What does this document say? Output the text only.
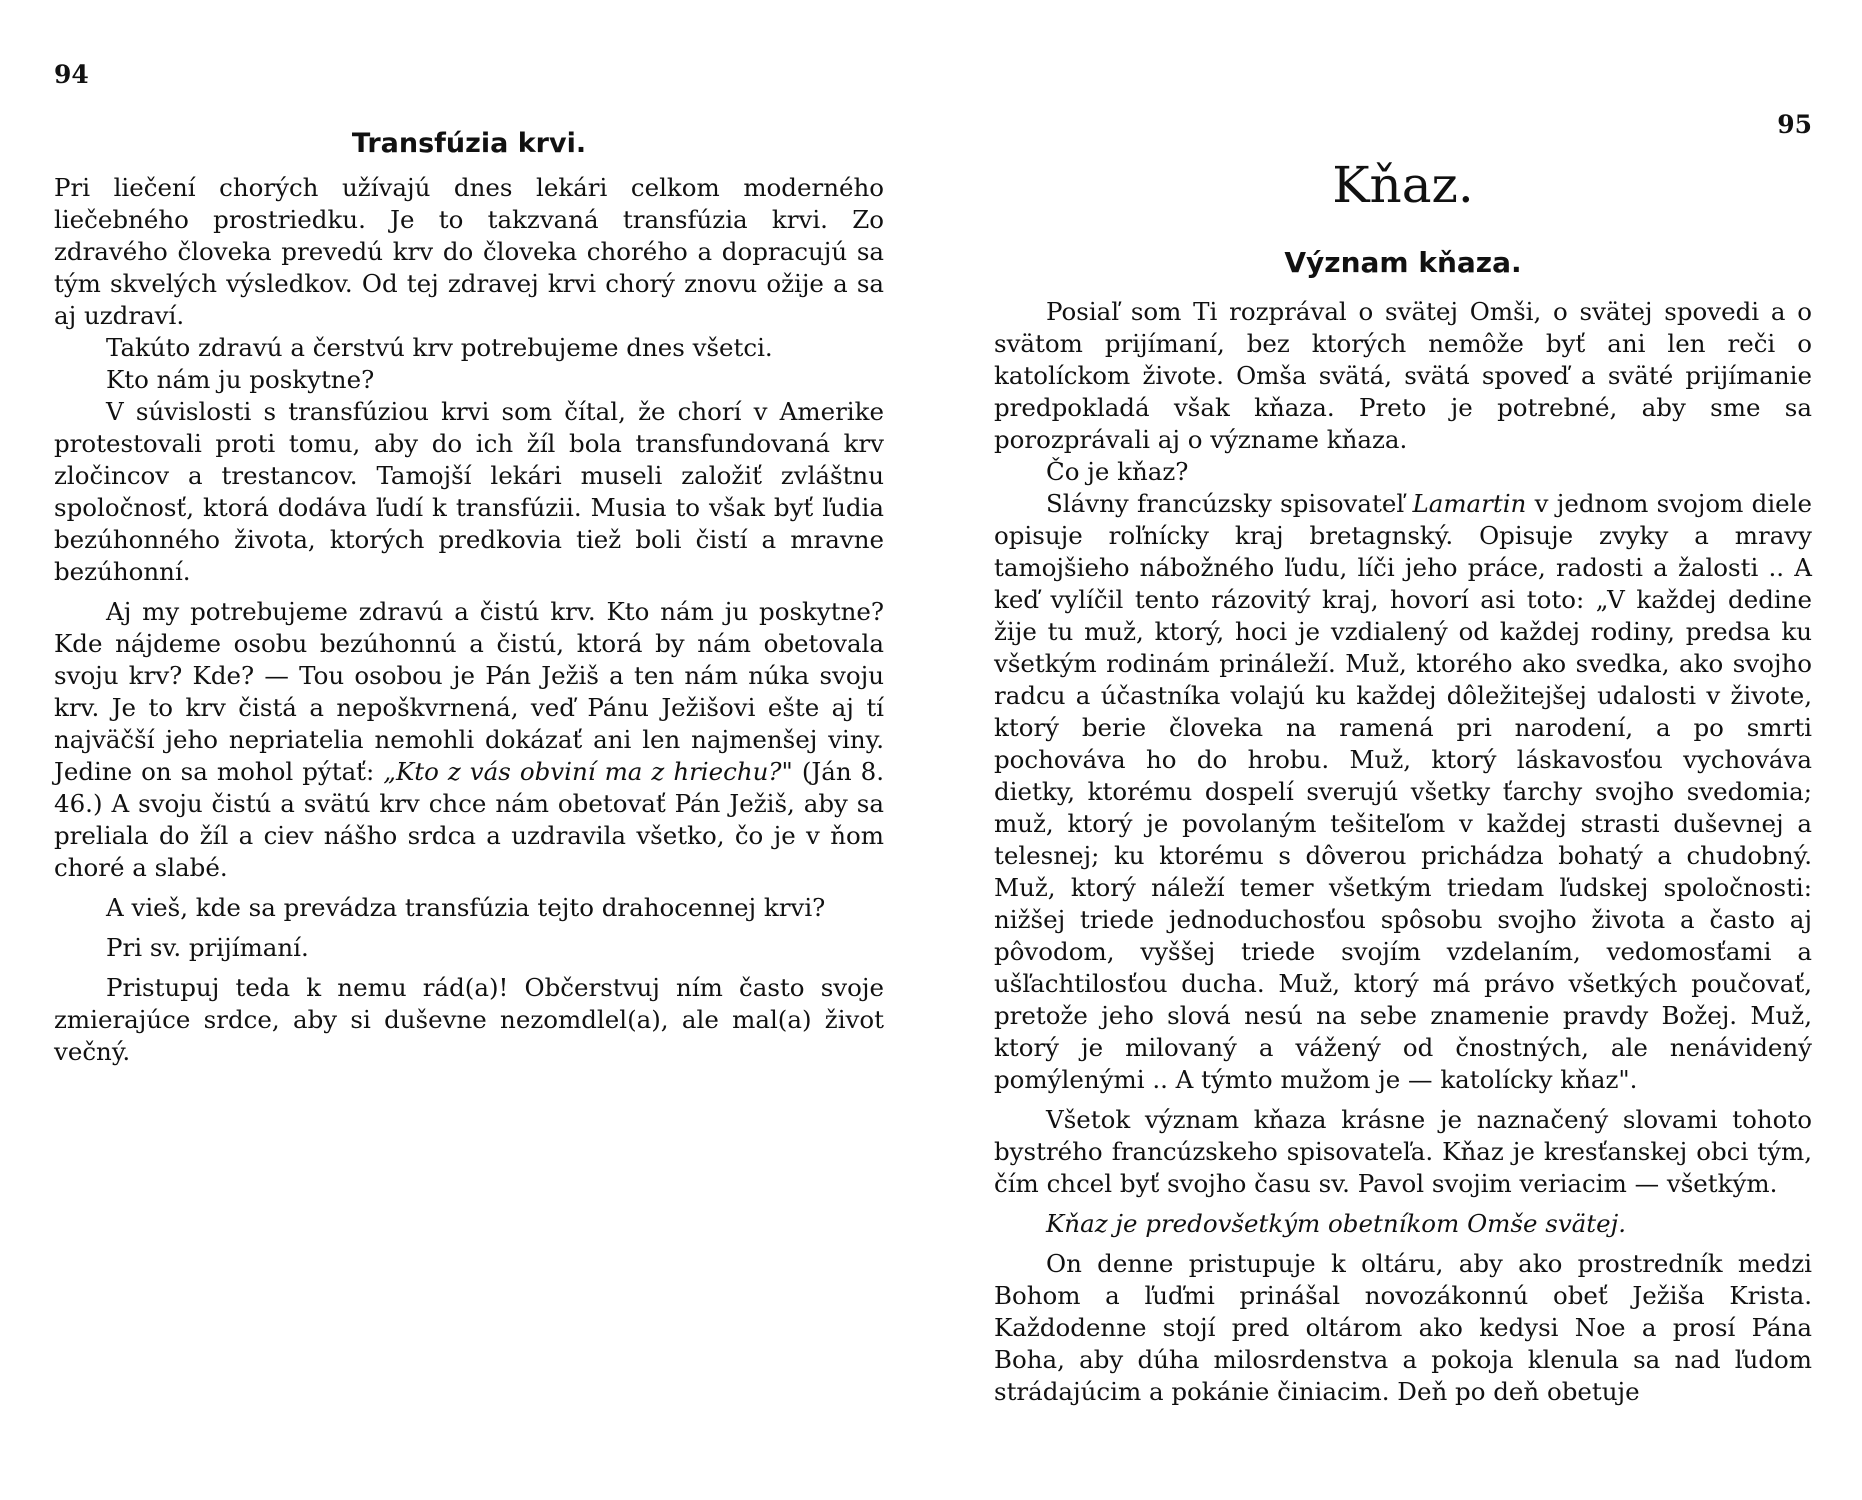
94
Transfúzia krvi.

Pri liečení chorých užívajú dnes lekári celkom moderného liečebného prostriedku. Je to takzvaná transfúzia krvi. Zo zdravého človeka prevedú krv do človeka chorého a dopracujú sa tým skvelých výsledkov. Od tej zdravej krvi chorý znovu ožije a sa aj uzdraví.

Takúto zdravú a čerstvú krv potrebujeme dnes všetci.

Kto nám ju poskytne?

V súvislosti s transfúziou krvi som čítal, že chorí v Amerike protestovali proti tomu, aby do ich žíl bola transfundovaná krv zločincov a trestancov. Tamojší lekári museli založiť zvláštnu spoločnosť, ktorá dodáva ľudí k transfúzii. Musia to však byť ľudia bezúhonného života, ktorých predkovia tiež boli čistí a mravne bezúhonní.

Aj my potrebujeme zdravú a čistú krv. Kto nám ju poskytne? Kde nájdeme osobu bezúhonnú a čistú, ktorá by nám obetovala svoju krv? Kde? — Tou osobou je Pán Ježiš a ten nám núka svoju krv. Je to krv čistá a nepoškvrnená, veď Pánu Ježišovi ešte aj tí najväčší jeho nepriatelia nemohli dokázať ani len najmenšej viny. Jedine on sa mohol pýtať: „Kto z vás obviní ma z hriechu?" (Ján 8. 46.) A svoju čistú a svätú krv chce nám obetovať Pán Ježiš, aby sa preliala do žíl a ciev nášho srdca a uzdravila všetko, čo je v ňom choré a slabé.

A vieš, kde sa prevádza transfúzia tejto drahocennej krvi?

Pri sv. prijímaní.

Pristupuj teda k nemu rád(a)! Občerstvuj ním často svoje zmierajúce srdce, aby si duševne nezomdlel(a), ale mal(a) život večný.

95
Kňaz.
Význam kňaza.

Posiaľ som Ti rozprával o svätej Omši, o svätej spovedi a o svätom prijímaní, bez ktorých nemôže byť ani len reči o katolíckom živote. Omša svätá, svätá spoveď a sväté prijímanie predpokladá však kňaza. Preto je potrebné, aby sme sa porozprávali aj o význame kňaza.

Čo je kňaz?

Slávny francúzsky spisovateľ Lamartin v jednom svojom diele opisuje roľnícky kraj bretagnský. Opisuje zvyky a mravy tamojšieho nábožného ľudu, líči jeho práce, radosti a žalosti .. A keď vylíčil tento rázovitý kraj, hovorí asi toto: „V každej dedine žije tu muž, ktorý, hoci je vzdialený od každej rodiny, predsa ku všetkým rodinám prináleží. Muž, ktorého ako svedka, ako svojho radcu a účastníka volajú ku každej dôležitejšej udalosti v živote, ktorý berie človeka na ramená pri narodení, a po smrti pochováva ho do hrobu. Muž, ktorý láskavosťou vychováva dietky, ktorému dospelí sverujú všetky ťarchy svojho svedomia; muž, ktorý je povolaným tešiteľom v každej strasti duševnej a telesnej; ku ktorému s dôverou prichádza bohatý a chudobný. Muž, ktorý náleží temer všetkým triedam ľudskej spoločnosti: nižšej triede jednoduchosťou spôsobu svojho života a často aj pôvodom, vyššej triede svojím vzdelaním, vedomosťami a ušľachtilosťou ducha. Muž, ktorý má právo všetkých poučovať, pretože jeho slová nesú na sebe znamenie pravdy Božej. Muž, ktorý je milovaný a vážený od čnostných, ale nenávidený pomýlenými .. A týmto mužom je — katolícky kňaz".

Všetok význam kňaza krásne je naznačený slovami tohoto bystrého francúzskeho spisovateľa. Kňaz je kresťanskej obci tým, čím chcel byť svojho času sv. Pavol svojim veriacim — všetkým.

Kňaz je predovšetkým obetníkom Omše svätej.

On denne pristupuje k oltáru, aby ako prostredník medzi Bohom a ľuďmi prinášal novozákonnú obeť Ježiša Krista. Každodenne stojí pred oltárom ako kedysi Noe a prosí Pána Boha, aby dúha milosrdenstva a pokoja klenula sa nad ľudom strádajúcim a pokánie činiacim. Deň po deň obetuje
